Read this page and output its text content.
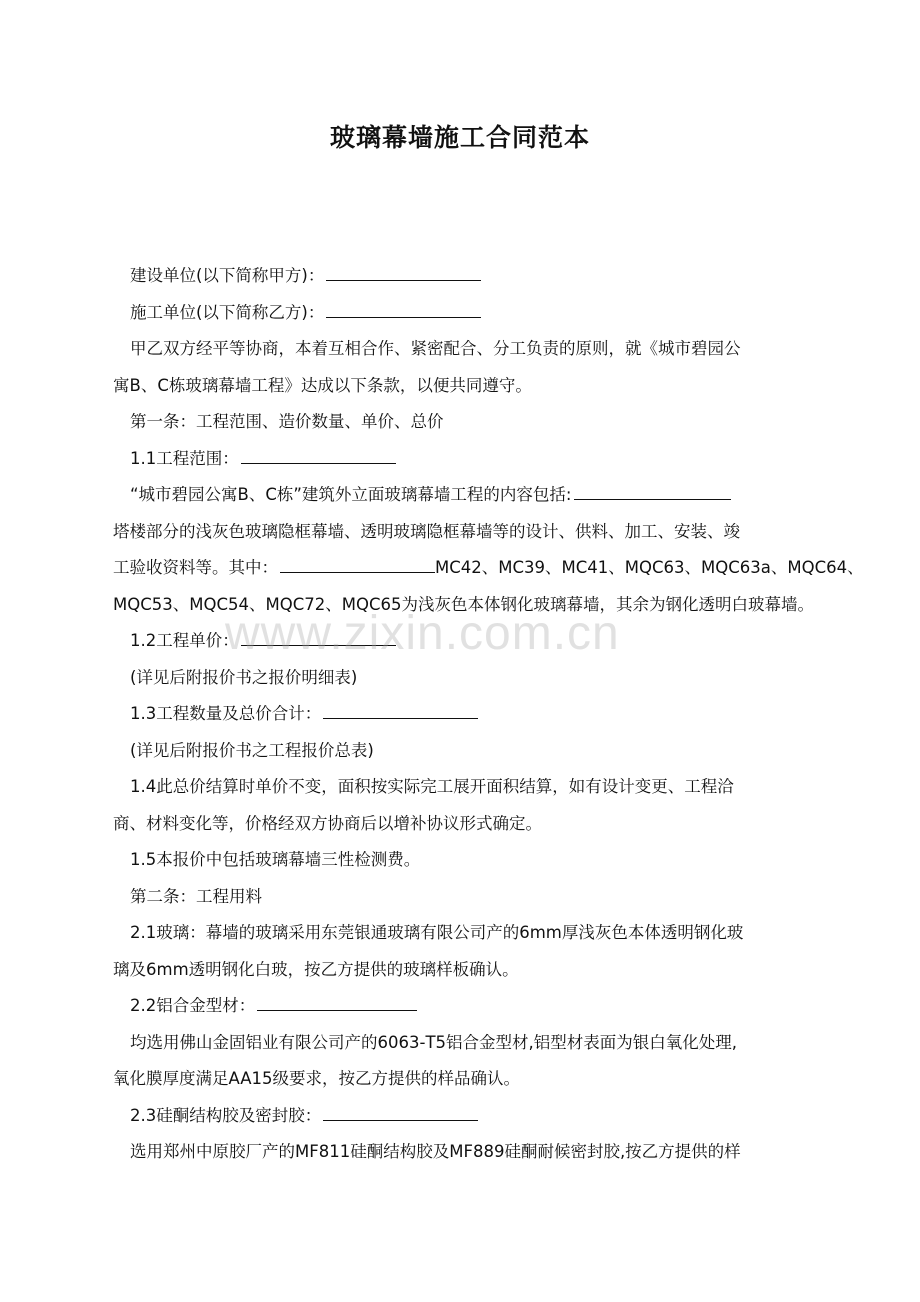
玻璃幕墙施工合同范本

建设单位(以下简称甲方)：

施工单位(以下简称乙方)：

甲乙双方经平等协商，本着互相合作、紧密配合、分工负责的原则，就《城市碧园公

寓B、C栋玻璃幕墙工程》达成以下条款，以便共同遵守。

第一条：工程范围、造价数量、单价、总价

1.1工程范围：

“城市碧园公寓B、C栋”建筑外立面玻璃幕墙工程的内容包括:

塔楼部分的浅灰色玻璃隐框幕墙、透明玻璃隐框幕墙等的设计、供料、加工、安装、竣

工验收资料等。其中：	MC42、MC39、MC41、MQC63、MQC63a、MQC64、

MQC53、MQC54、MQC72、MQC65为浅灰色本体钢化玻璃幕墙，其余为钢化透明白玻幕墙。

1.2工程单价：

(详见后附报价书之报价明细表)

1.3工程数量及总价合计：

(详见后附报价书之工程报价总表)

1.4此总价结算时单价不变，面积按实际完工展开面积结算，如有设计变更、工程洽

商、材料变化等，价格经双方协商后以增补协议形式确定。

1.5本报价中包括玻璃幕墙三性检测费。

第二条：工程用料

2.1玻璃：幕墙的玻璃采用东莞银通玻璃有限公司产的6mm厚浅灰色本体透明钢化玻

璃及6mm透明钢化白玻，按乙方提供的玻璃样板确认。

2.2铝合金型材：

均选用佛山金固铝业有限公司产的6063-T5铝合金型材,铝型材表面为银白氧化处理,

氧化膜厚度满足AA15级要求，按乙方提供的样品确认。

2.3硅酮结构胶及密封胶：

选用郑州中原胶厂产的MF811硅酮结构胶及MF889硅酮耐候密封胶,按乙方提供的样

www.zixin.com.cn
